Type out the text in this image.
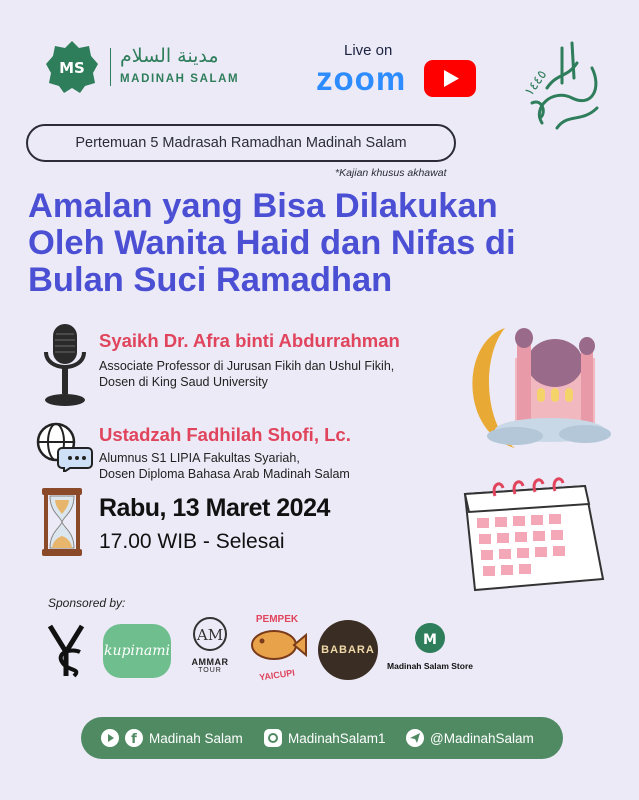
MS
مدينة السلام
MADINAH SALAM
Live on
zoom	١٤٤٥
Pertemuan 5 Madrasah Ramadhan Madinah Salam
*Kajian khusus akhawat
Amalan yang Bisa Dilakukan
Oleh Wanita Haid dan Nifas di
Bulan Suci Ramadhan
Syaikh Dr. Afra binti Abdurrahman
Associate Professor di Jurusan Fikih dan Ushul Fikih,
Dosen di King Saud University
Ustadzah Fadhilah Shofi, Lc.
Alumnus S1 LIPIA Fakultas Syariah,
Dosen Diploma Bahasa Arab Madinah Salam
Rabu, 13 Maret 2024
17.00 WIB - Selesai
Sponsored by:
kupinami
AM
AMMAR
TOUR
PEMPEK
YAICUPI
BABARA
M
Madinah Salam Store
f Madinah Salam	MadinahSalam1	@MadinahSalam
